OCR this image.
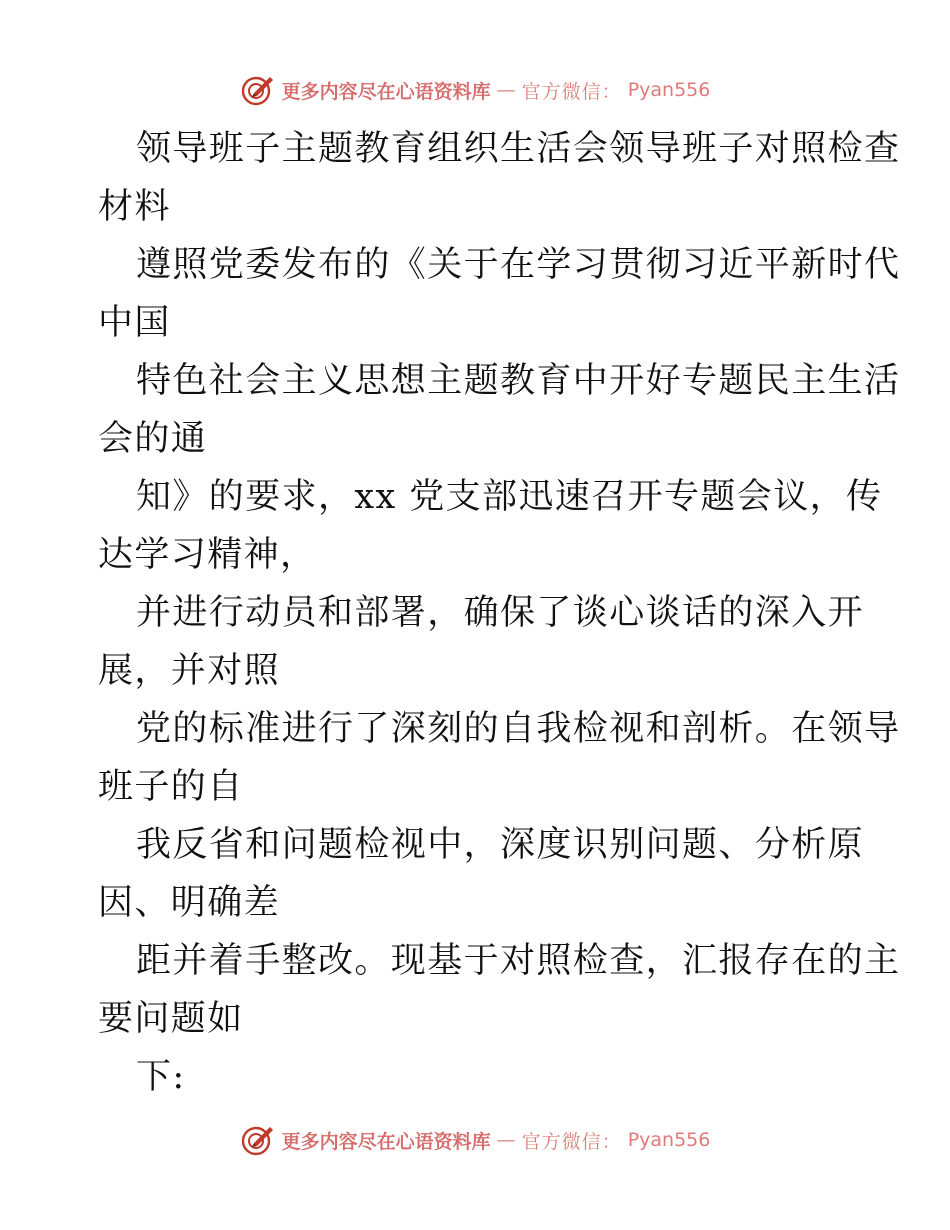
更多内容尽在心语资料库 — 官方微信： Pyan556
领导班子主题教育组织生活会领导班子对照检查
材料
遵照党委发布的《关于在学习贯彻习近平新时代
中国
特色社会主义思想主题教育中开好专题民主生活
会的通
知》的要求，xx 党支部迅速召开专题会议，传
达学习精神，
并进行动员和部署，确保了谈心谈话的深入开
展，并对照
党的标准进行了深刻的自我检视和剖析。在领导
班子的自
我反省和问题检视中，深度识别问题、分析原
因、明确差
距并着手整改。现基于对照检查，汇报存在的主
要问题如
下:
更多内容尽在心语资料库 — 官方微信： Pyan556
